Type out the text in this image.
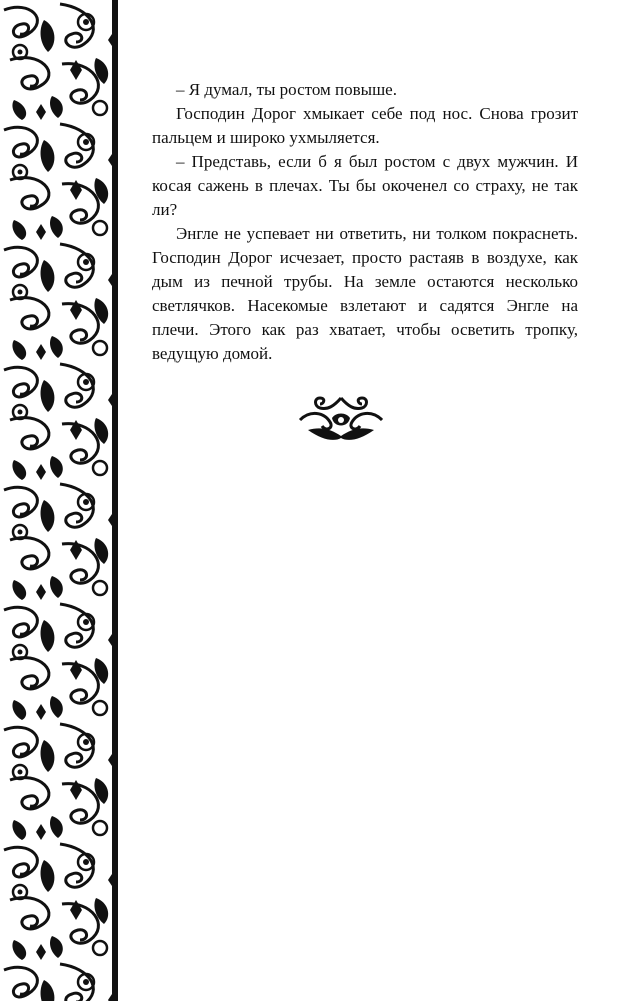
– Я думал, ты ростом повыше.

Господин Дорог хмыкает себе под нос. Снова грозит пальцем и широко ухмыляется.

– Представь, если б я был ростом с двух мужчин. И косая сажень в плечах. Ты бы окоченел со страху, не так ли?

Энгле не успевает ни ответить, ни толком покраснеть. Господин Дорог исчезает, просто растаяв в воздухе, как дым из печной трубы. На земле остаются несколько светлячков. Насекомые взлетают и садятся Энгле на плечи. Этого как раз хватает, чтобы осветить тропку, ведущую домой.
